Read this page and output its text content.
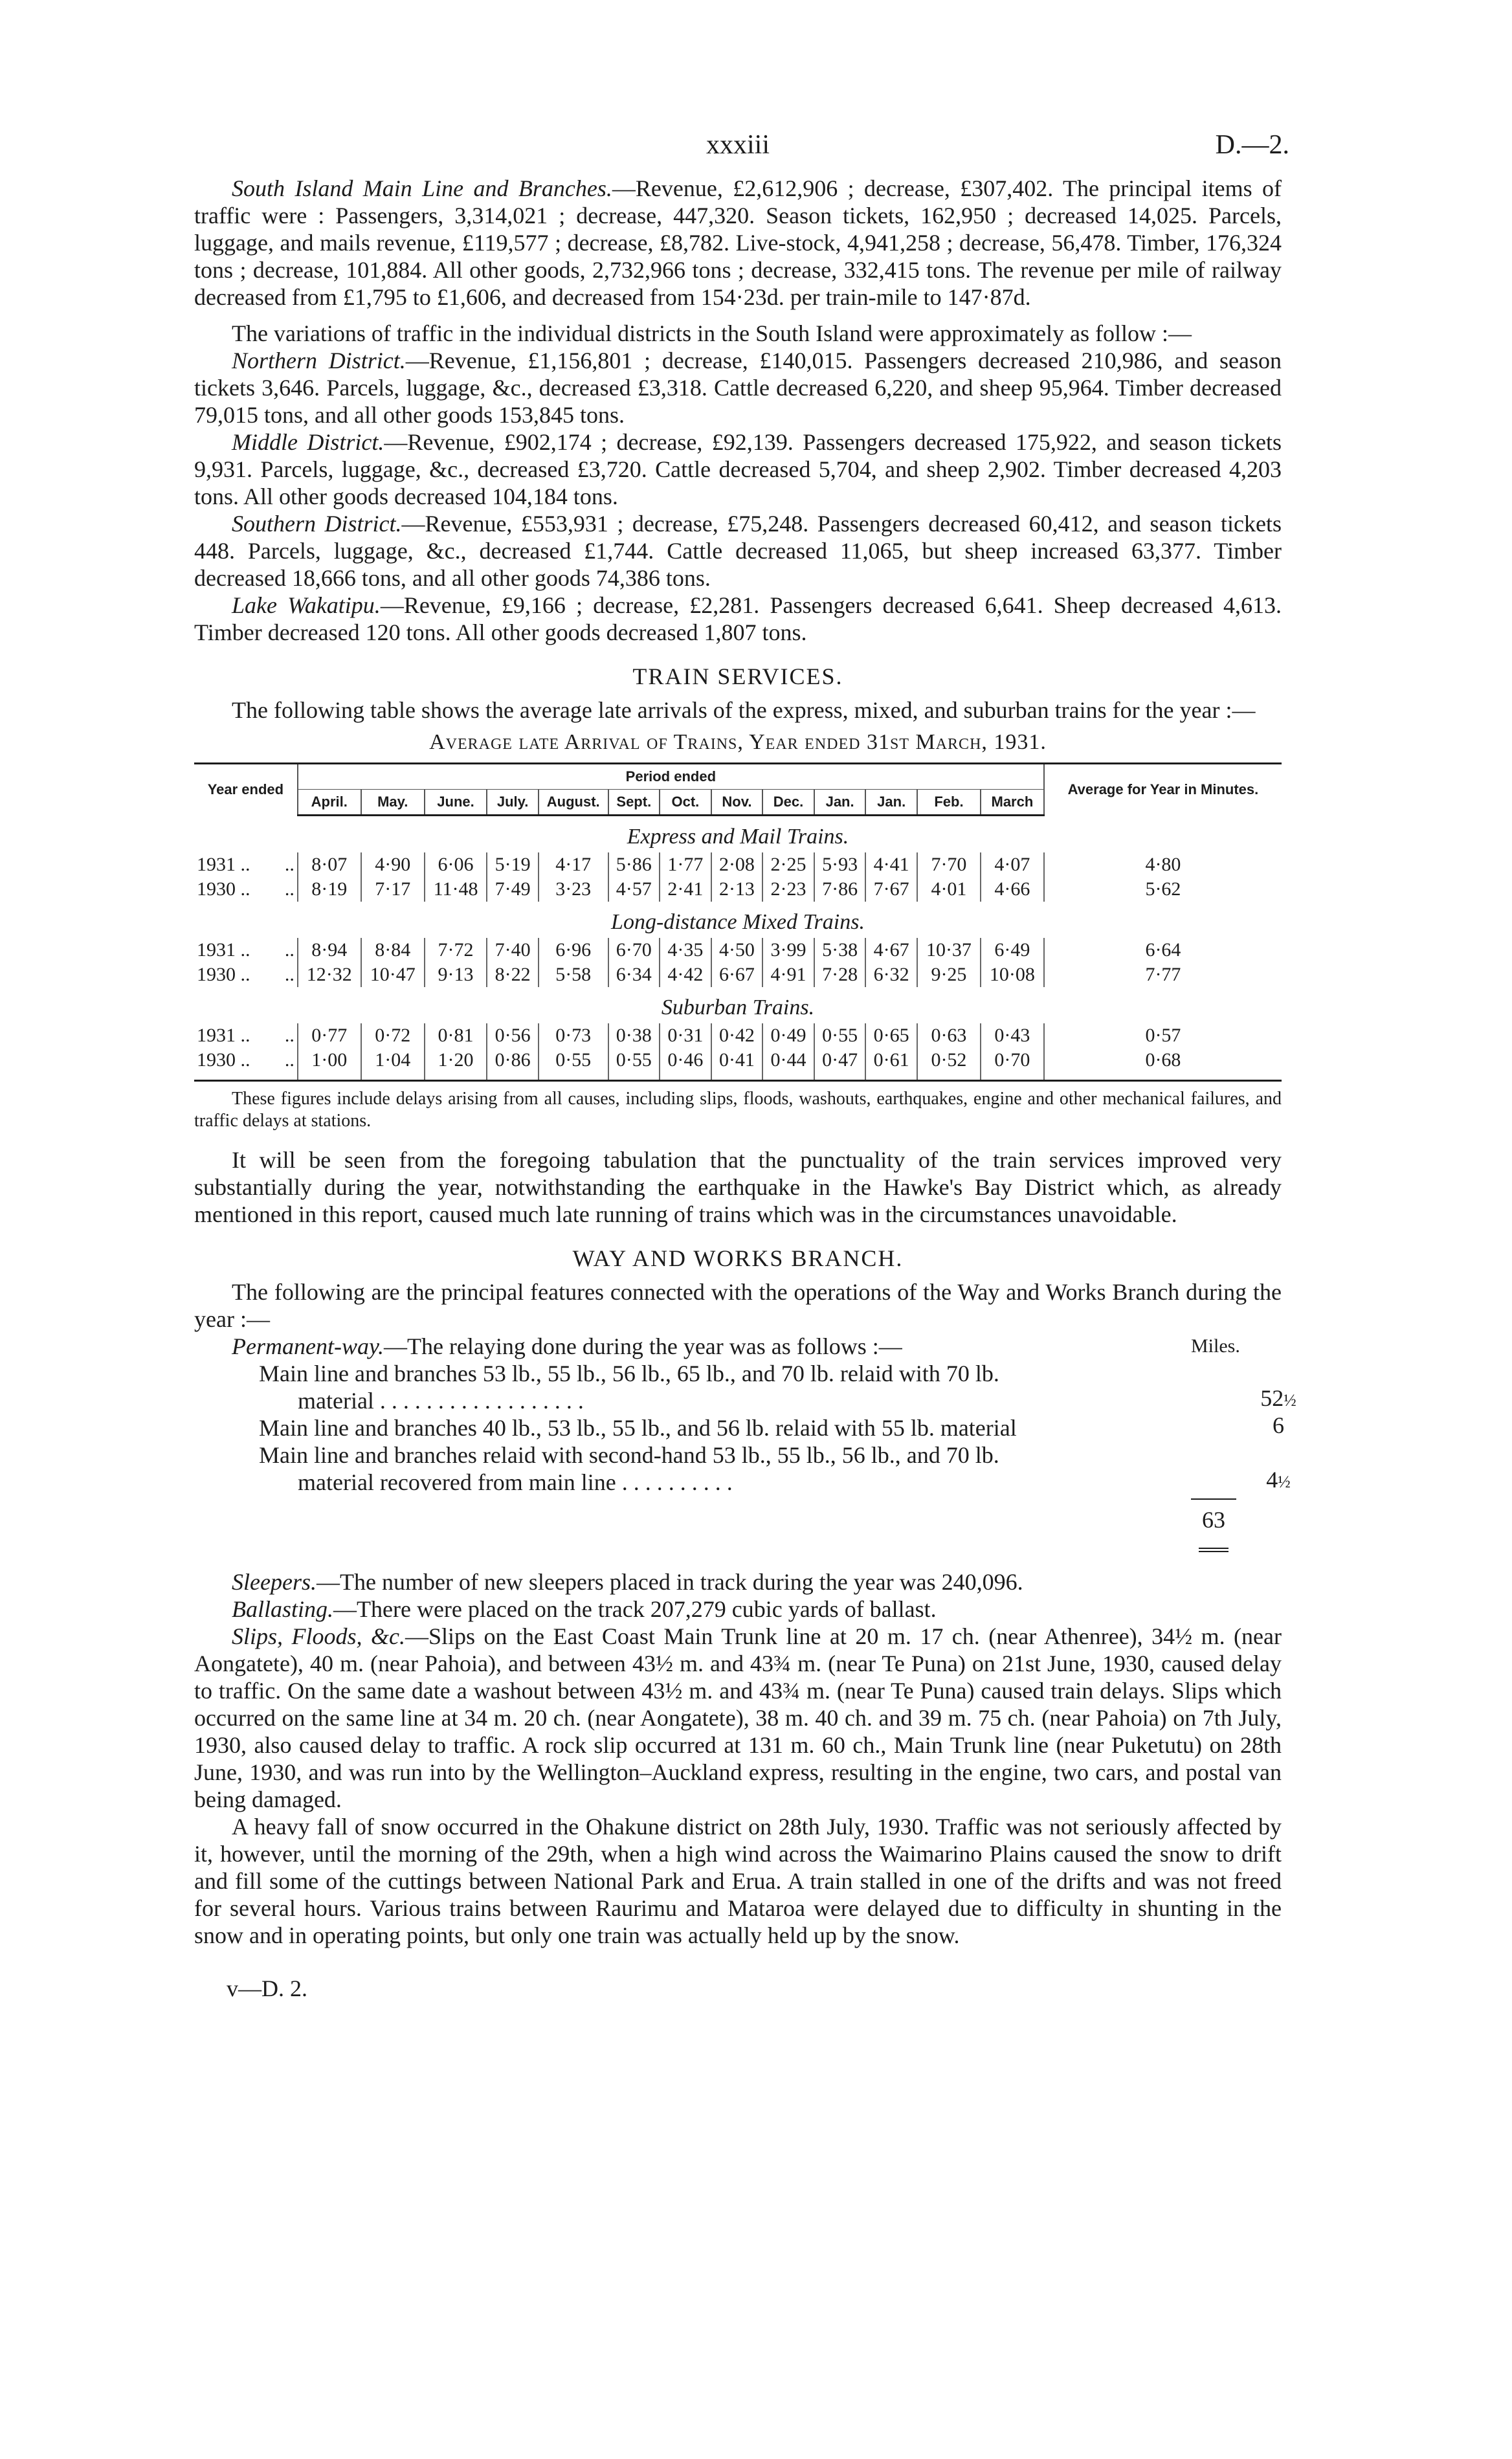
xxxiii	D.—2.

South Island Main Line and Branches.—Revenue, £2,612,906 ; decrease, £307,402. The principal items of traffic were : Passengers, 3,314,021 ; decrease, 447,320. Season tickets, 162,950 ; decreased 14,025. Parcels, luggage, and mails revenue, £119,577 ; decrease, £8,782. Live-stock, 4,941,258 ; decrease, 56,478. Timber, 176,324 tons ; decrease, 101,884. All other goods, 2,732,966 tons ; decrease, 332,415 tons. The revenue per mile of railway decreased from £1,795 to £1,606, and decreased from 154·23d. per train-mile to 147·87d.

The variations of traffic in the individual districts in the South Island were approximately as follow :—

Northern District.—Revenue, £1,156,801 ; decrease, £140,015. Passengers decreased 210,986, and season tickets 3,646. Parcels, luggage, &c., decreased £3,318. Cattle decreased 6,220, and sheep 95,964. Timber decreased 79,015 tons, and all other goods 153,845 tons.

Middle District.—Revenue, £902,174 ; decrease, £92,139. Passengers decreased 175,922, and season tickets 9,931. Parcels, luggage, &c., decreased £3,720. Cattle decreased 5,704, and sheep 2,902. Timber decreased 4,203 tons. All other goods decreased 104,184 tons.

Southern District.—Revenue, £553,931 ; decrease, £75,248. Passengers decreased 60,412, and season tickets 448. Parcels, luggage, &c., decreased £1,744. Cattle decreased 11,065, but sheep increased 63,377. Timber decreased 18,666 tons, and all other goods 74,386 tons.

Lake Wakatipu.—Revenue, £9,166 ; decrease, £2,281. Passengers decreased 6,641. Sheep decreased 4,613. Timber decreased 120 tons. All other goods decreased 1,807 tons.

TRAIN SERVICES.

The following table shows the average late arrivals of the express, mixed, and suburban trains for the year :—

Average late Arrival of Trains, Year ended 31st March, 1931.
Year ended		Period ended													Average for Year in Minutes.
		April.	May.	June.	July.	August.	Sept.	Oct.	Nov.	Dec.	Jan.	Jan.	Feb.	March	
Express and Mail Trains.															
1931 ..	..	8·07	4·90	6·06	5·19	4·17	5·86	1·77	2·08	2·25	5·93	4·41	7·70	4·07	4·80
1930 ..	..	8·19	7·17	11·48	7·49	3·23	4·57	2·41	2·13	2·23	7·86	7·67	4·01	4·66	5·62
Long-distance Mixed Trains.															
1931 ..	..	8·94	8·84	7·72	7·40	6·96	6·70	4·35	4·50	3·99	5·38	4·67	10·37	6·49	6·64
1930 ..	..	12·32	10·47	9·13	8·22	5·58	6·34	4·42	6·67	4·91	7·28	6·32	9·25	10·08	7·77
Suburban Trains.															
1931 ..	..	0·77	0·72	0·81	0·56	0·73	0·38	0·31	0·42	0·49	0·55	0·65	0·63	0·43	0·57
1930 ..	..	1·00	1·04	1·20	0·86	0·55	0·55	0·46	0·41	0·44	0·47	0·61	0·52	0·70	0·68

These figures include delays arising from all causes, including slips, floods, washouts, earthquakes, engine and other mechanical failures, and traffic delays at stations.

It will be seen from the foregoing tabulation that the punctuality of the train services improved very substantially during the year, notwithstanding the earthquake in the Hawke's Bay District which, as already mentioned in this report, caused much late running of trains which was in the circumstances unavoidable.

WAY AND WORKS BRANCH.

The following are the principal features connected with the operations of the Way and Works Branch during the year :—

Permanent-way.—The relaying done during the year was as follows :—	Miles.
Main line and branches 53 lb., 55 lb., 56 lb., 65 lb., and 70 lb. relaid with 70 lb.
material . . . . . . . . . . . . . . . . . .	52½
Main line and branches 40 lb., 53 lb., 55 lb., and 56 lb. relaid with 55 lb. material	6
Main line and branches relaid with second-hand 53 lb., 55 lb., 56 lb., and 70 lb.
material recovered from main line . . . . . . . . . .	4½
63

Sleepers.—The number of new sleepers placed in track during the year was 240,096.

Ballasting.—There were placed on the track 207,279 cubic yards of ballast.

Slips, Floods, &c.—Slips on the East Coast Main Trunk line at 20 m. 17 ch. (near Athenree), 34½ m. (near Aongatete), 40 m. (near Pahoia), and between 43½ m. and 43¾ m. (near Te Puna) on 21st June, 1930, caused delay to traffic. On the same date a washout between 43½ m. and 43¾ m. (near Te Puna) caused train delays. Slips which occurred on the same line at 34 m. 20 ch. (near Aongatete), 38 m. 40 ch. and 39 m. 75 ch. (near Pahoia) on 7th July, 1930, also caused delay to traffic. A rock slip occurred at 131 m. 60 ch., Main Trunk line (near Puketutu) on 28th June, 1930, and was run into by the Wellington–Auckland express, resulting in the engine, two cars, and postal van being damaged.

A heavy fall of snow occurred in the Ohakune district on 28th July, 1930. Traffic was not seriously affected by it, however, until the morning of the 29th, when a high wind across the Waimarino Plains caused the snow to drift and fill some of the cuttings between National Park and Erua. A train stalled in one of the drifts and was not freed for several hours. Various trains between Raurimu and Mataroa were delayed due to difficulty in shunting in the snow and in operating points, but only one train was actually held up by the snow.

v—D. 2.
